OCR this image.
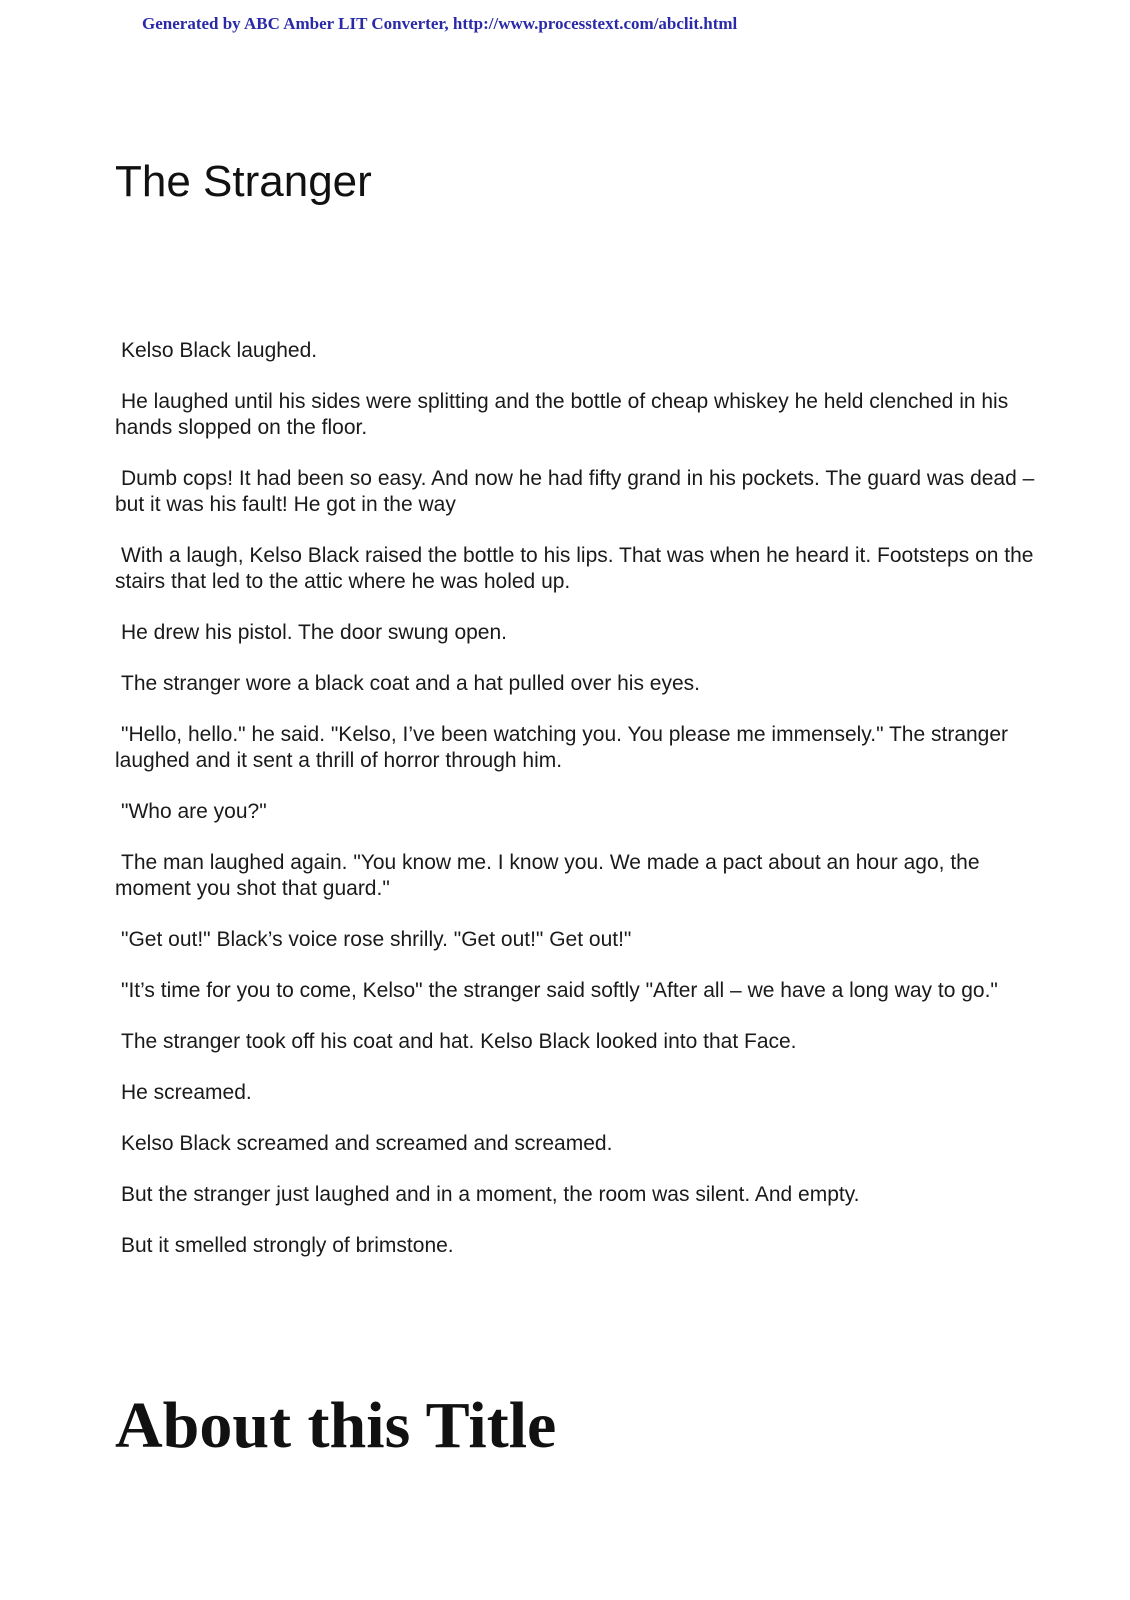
Generated by ABC Amber LIT Converter, http://www.processtext.com/abclit.html
The Stranger

Kelso Black laughed.

He laughed until his sides were splitting and the bottle of cheap whiskey he held clenched in his hands slopped on the floor.

Dumb cops! It had been so easy. And now he had fifty grand in his pockets. The guard was dead – but it was his fault! He got in the way

With a laugh, Kelso Black raised the bottle to his lips. That was when he heard it. Footsteps on the stairs that led to the attic where he was holed up.

He drew his pistol. The door swung open.

The stranger wore a black coat and a hat pulled over his eyes.

"Hello, hello." he said. "Kelso, I’ve been watching you. You please me immensely." The stranger laughed and it sent a thrill of horror through him.

"Who are you?"

The man laughed again. "You know me. I know you. We made a pact about an hour ago, the moment you shot that guard."

"Get out!" Black’s voice rose shrilly. "Get out!" Get out!"

"It’s time for you to come, Kelso" the stranger said softly "After all – we have a long way to go."

The stranger took off his coat and hat. Kelso Black looked into that Face.

He screamed.

Kelso Black screamed and screamed and screamed.

But the stranger just laughed and in a moment, the room was silent. And empty.

But it smelled strongly of brimstone.

About this Title
